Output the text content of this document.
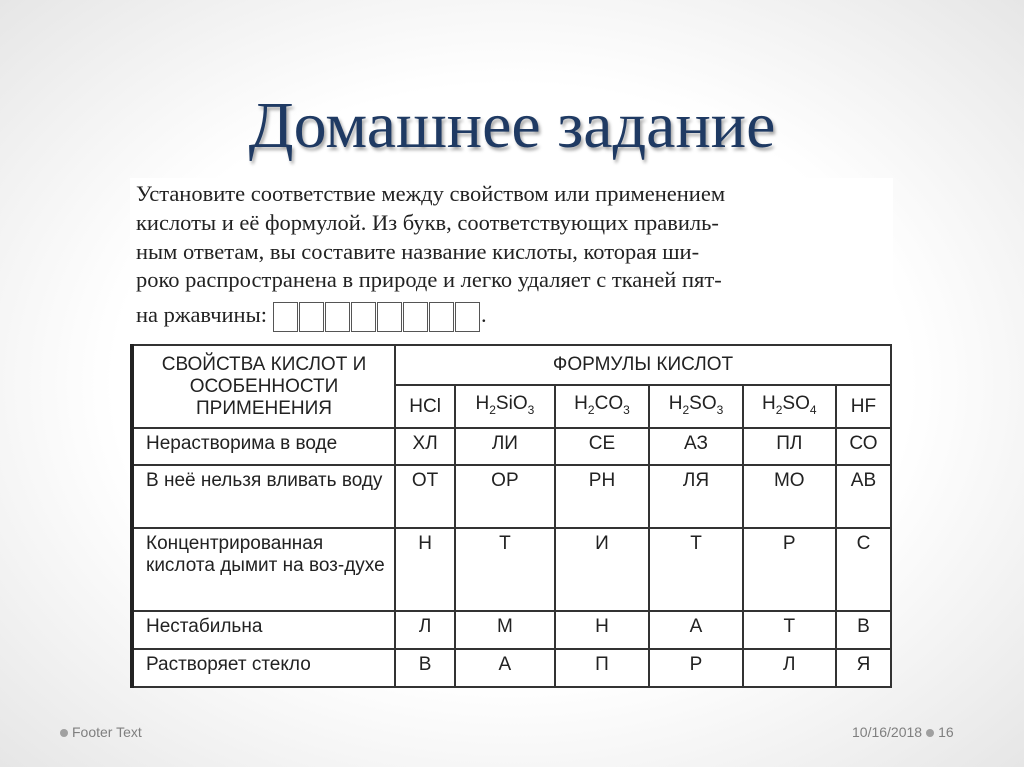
Домашнее задание
Установите соответствие между свойством или применением
кислоты и её формулой. Из букв, соответствующих правиль-
ным ответам, вы составите название кислоты, которая ши-
роко распространена в природе и легко удаляет с тканей пят-
на ржавчины:	.
СВОЙСТВА КИСЛОТ И ОСОБЕННОСТИ ПРИМЕНЕНИЯ	ФОРМУЛЫ КИСЛОТ					
	HCl	$H_2SiO_3$	$H_2CO_3$	$H_2SO_3$	$H_2SO_4$	HF
Нерастворима в воде	ХЛ	ЛИ	СЕ	АЗ	ПЛ	СО
В неё нельзя вливать воду	ОТ	ОР	РН	ЛЯ	МО	АВ
Концентрированная кислота дымит на воз-духе	Н	Т	И	Т	Р	С
Нестабильна	Л	М	Н	А	Т	В
Растворяет стекло	В	А	П	Р	Л	Я
Footer Text	10/16/2018 16
